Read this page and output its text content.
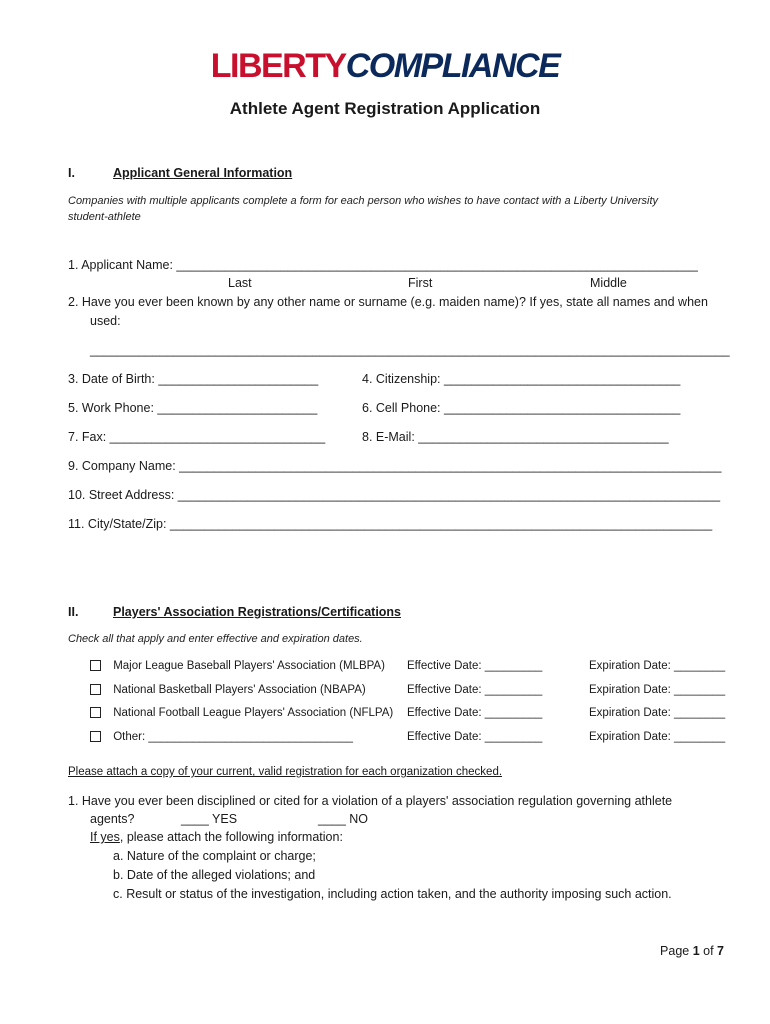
LIBERTYCOMPLIANCE
Athlete Agent Registration Application
I.	Applicant General Information
Companies with multiple applicants complete a form for each person who wishes to have contact with a Liberty University
student-athlete
1. Applicant Name: ___________________________________________________________________________
Last	First	Middle
2. Have you ever been known by any other name or surname (e.g. maiden name)? If yes, state all names and when
used:
____________________________________________________________________________________________
3. Date of Birth: _______________________	4. Citizenship: __________________________________
5. Work Phone: _______________________	6. Cell Phone: __________________________________
7. Fax: _______________________________	8. E-Mail: ____________________________________
9. Company Name: ______________________________________________________________________________
10. Street Address: ______________________________________________________________________________
11. City/State/Zip: ______________________________________________________________________________
II.	Players' Association Registrations/Certifications
Check all that apply and enter effective and expiration dates.
Major League Baseball Players' Association (MLBPA) Effective Date: _________	Expiration Date: ________
National Basketball Players' Association (NBAPA)	Effective Date: _________	Expiration Date: ________
National Football League Players' Association (NFLPA) Effective Date: _________	Expiration Date: ________
Other: ________________________________	Effective Date: _________	Expiration Date: ________
Please attach a copy of your current, valid registration for each organization checked.
1. Have you ever been disciplined or cited for a violation of a players' association regulation governing athlete
agents?	____ YES	____ NO
If yes, please attach the following information:
a. Nature of the complaint or charge;
b. Date of the alleged violations; and
c. Result or status of the investigation, including action taken, and the authority imposing such action.
Page 1 of 7
